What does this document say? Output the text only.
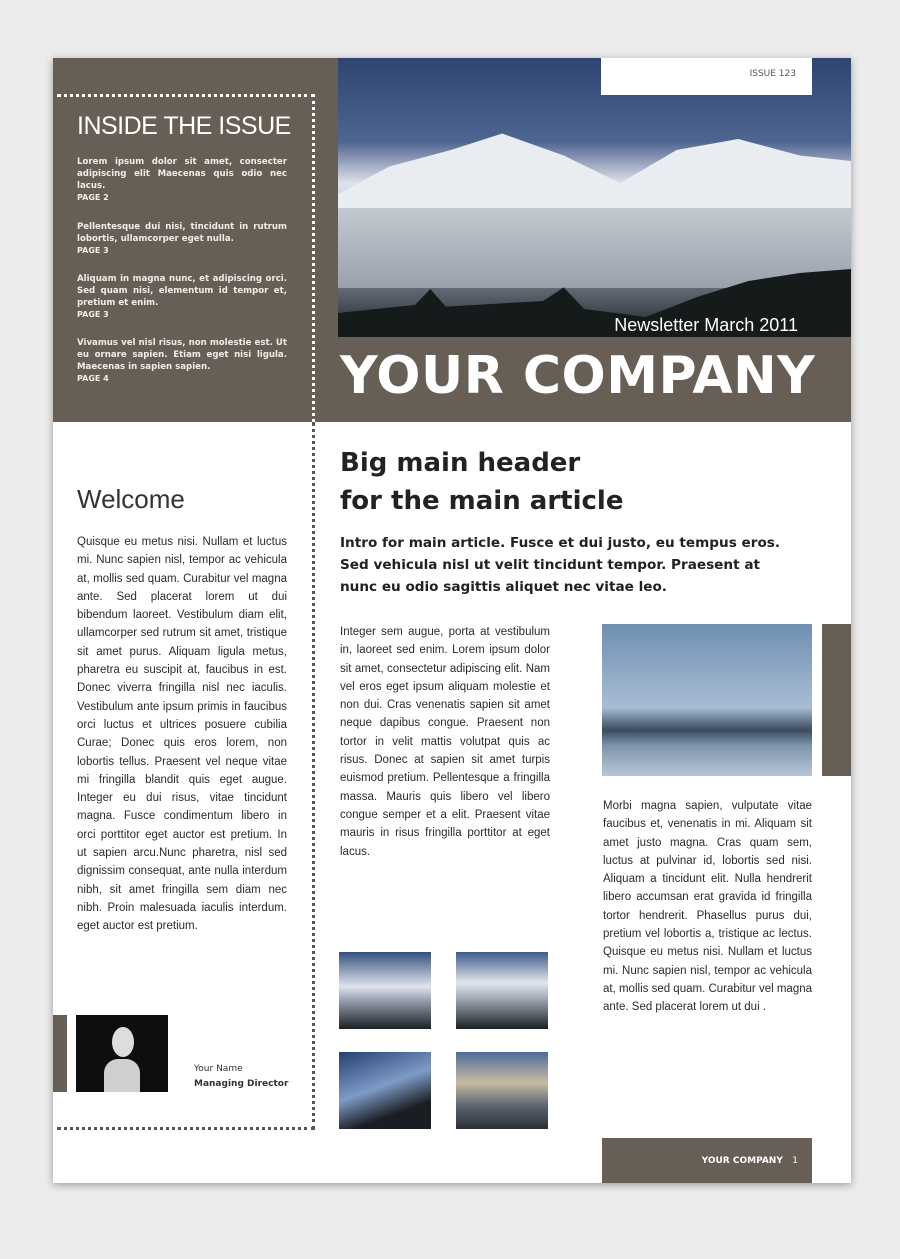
INSIDE THE ISSUE
Lorem ipsum dolor sit amet, consecter adipiscing elit Maecenas quis odio nec lacus.
PAGE 2
Pellentesque dui nisi, tincidunt in rutrum lobortis, ullamcorper eget nulla.
PAGE 3
Aliquam in magna nunc, et adipiscing orci. Sed quam nisi, elementum id tempor et, pretium et enim.
PAGE 3
Vivamus vel nisl risus, non molestie est. Ut eu ornare sapien. Etiam eget nisi ligula. Maecenas in sapien sapien.
PAGE 4
ISSUE 123
Newsletter March 2011
YOUR COMPANY
Welcome
Quisque eu metus nisi. Nullam et luctus mi. Nunc sapien nisl, tempor ac vehicula at, mollis sed quam. Curabitur vel magna ante. Sed placerat lorem ut dui bibendum laoreet. Vestibulum diam elit, ullamcorper sed rutrum sit amet, tristique sit amet purus. Aliquam ligula metus, pharetra eu suscipit at, faucibus in est. Donec viverra fringilla nisl nec iaculis. Vestibulum ante ipsum primis in faucibus orci luctus et ultrices posuere cubilia Curae; Donec quis eros lorem, non lobortis tellus. Praesent vel neque vitae mi fringilla blandit quis eget augue. Integer eu dui risus, vitae tincidunt magna. Fusce condimentum libero in orci porttitor eget auctor est pretium. In ut sapien arcu.Nunc pharetra, nisl sed dignissim consequat, ante nulla interdum nibh, sit amet fringilla sem diam nec nibh. Proin malesuada iaculis interdum. eget auctor est pretium.
Your Name
Managing Director
Big main header
for the main article
Intro for main article. Fusce et dui justo, eu tempus eros. Sed vehicula nisl ut velit tincidunt tempor. Praesent at nunc eu odio sagittis aliquet nec vitae leo.
Integer sem augue, porta at vestibulum in, laoreet sed enim. Lorem ipsum dolor sit amet, consectetur adipiscing elit. Nam vel eros eget ipsum aliquam molestie et non dui. Cras venenatis sapien sit amet neque dapibus congue. Praesent non tortor in velit mattis volutpat quis ac risus. Donec at sapien sit amet turpis euismod pretium. Pellentesque a fringilla massa. Mauris quis libero vel libero congue semper et a elit. Praesent vitae mauris in risus fringilla porttitor at eget lacus.
Morbi magna sapien, vulputate vitae faucibus et, venenatis in mi. Aliquam sit amet justo magna. Cras quam sem, luctus at pulvinar id, lobortis sed nisi. Aliquam a tincidunt elit. Nulla hendrerit libero accumsan erat gravida id fringilla tortor hendrerit. Phasellus purus dui, pretium vel lobortis a, tristique ac lectus. Quisque eu metus nisi. Nullam et luctus mi. Nunc sapien nisl, tempor ac vehicula at, mollis sed quam. Curabitur vel magna ante. Sed placerat lorem ut dui .
YOUR COMPANY 1
